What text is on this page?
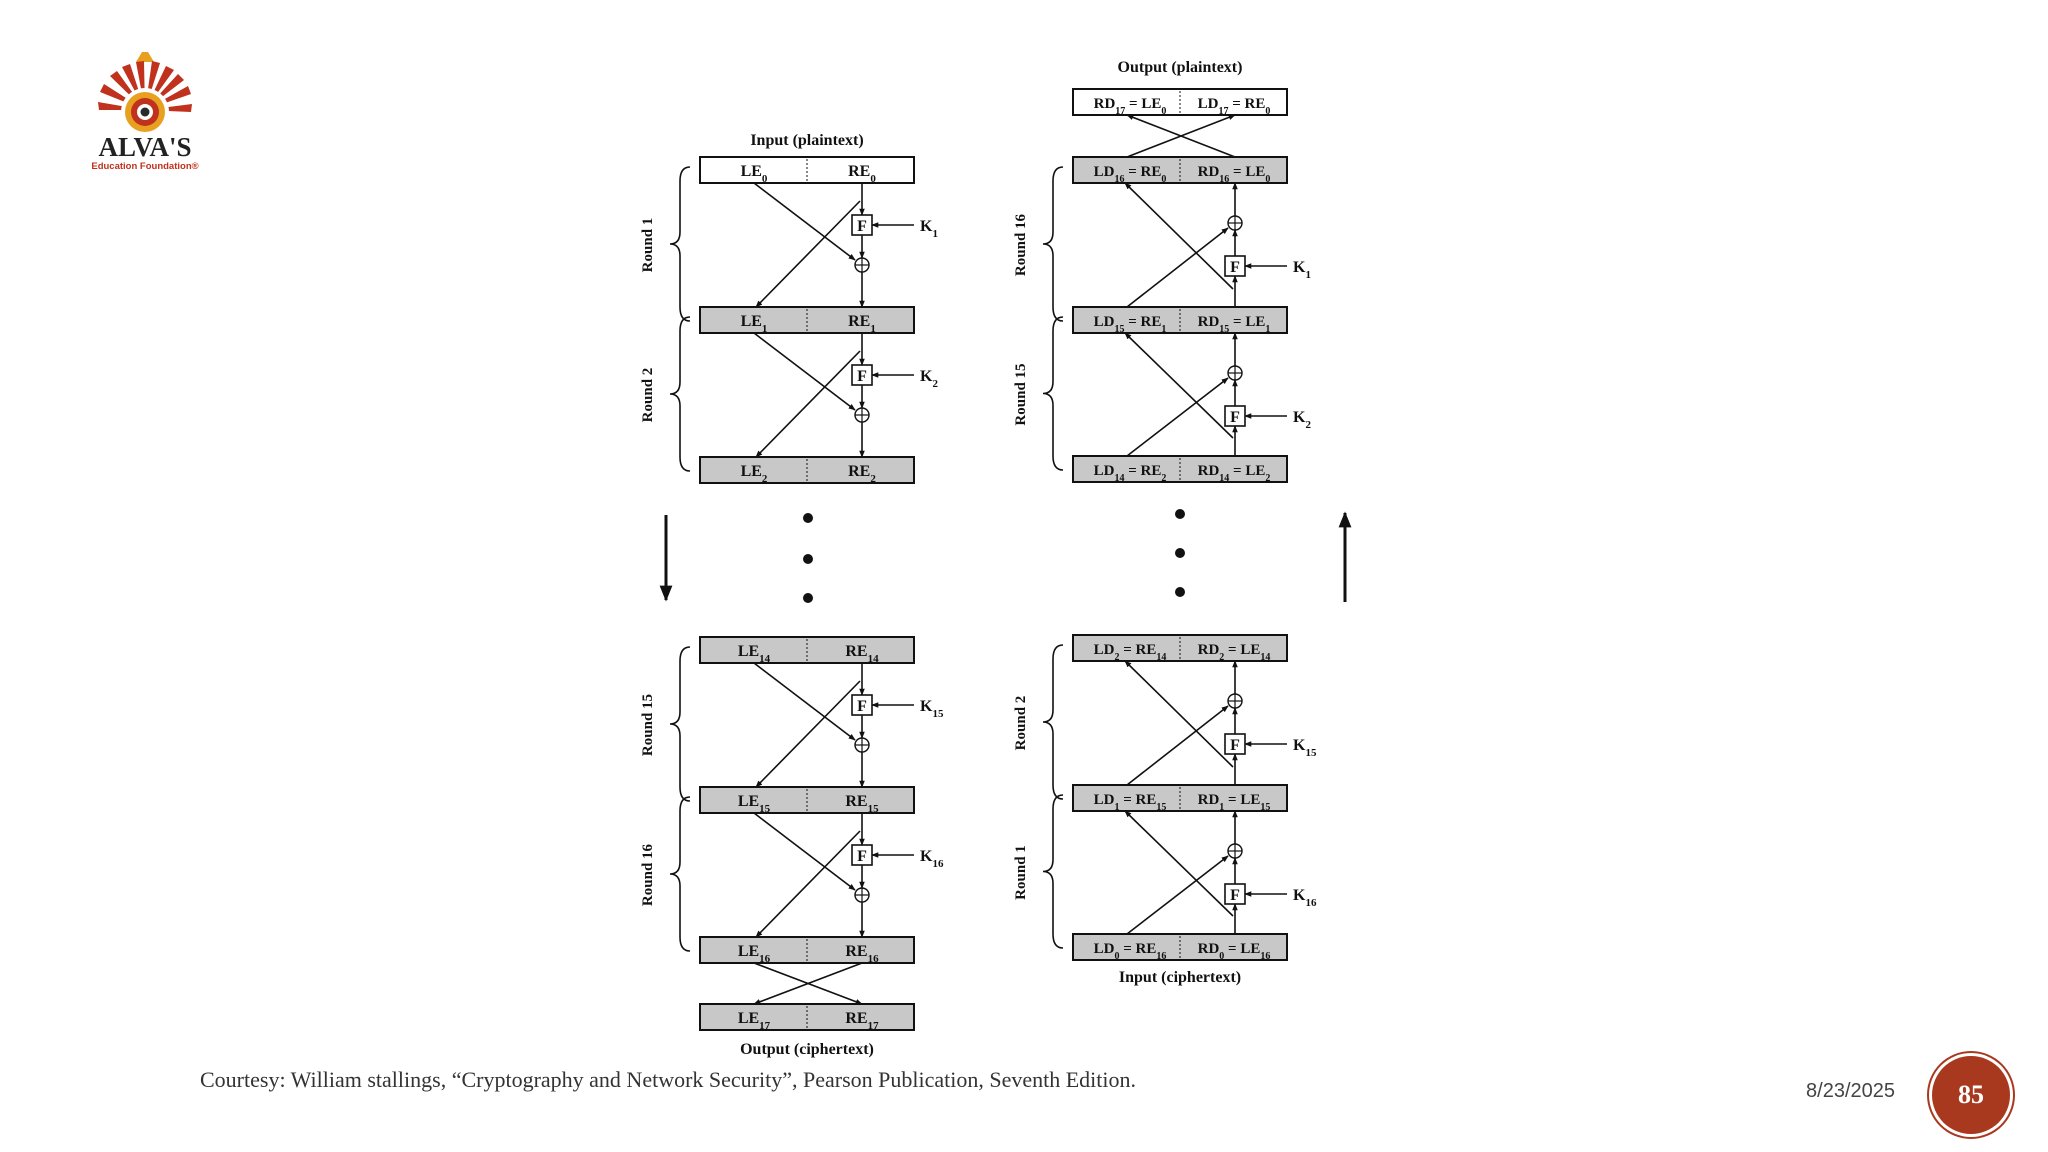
ALVA'S
Education Foundation®
Input (plaintext)
Output (ciphertext)
$LE_0$	$RE_0$
$LE_1$	$RE_1$
$LE_2$	$RE_2$
$LE_{14}$	$RE_{14}$
$LE_{15}$	$RE_{15}$
$LE_{16}$	$RE_{16}$
$LE_{17}$	$RE_{17}$
F	$K_1$
Round 1
F	$K_2$
Round 2
F	$K_{15}$
Round 15
F	$K_{16}$
Round 16
Output (plaintext)
Input (ciphertext)
$RD_{17} = LE_0$ $LD_{17} = RE_0$
$LD_{16} = RE_0$ $RD_{16} = LE_0$
$LD_{15} = RE_1$ $RD_{15} = LE_1$
$LD_{14} = RE_2$ $RD_{14} = LE_2$
$LD_2 = RE_{14}$ $RD_2 = LE_{14}$
$LD_1 = RE_{15}$ $RD_1 = LE_{15}$
$LD_0 = RE_{16}$ $RD_0 = LE_{16}$
F	$K_1$
Round 16
F	$K_2$
Round 15
F	$K_{15}$
Round 2
F	$K_{16}$
Round 1
Courtesy: William stallings, “Cryptography and Network Security”, Pearson Publication, Seventh Edition.	8/23/2025 85
